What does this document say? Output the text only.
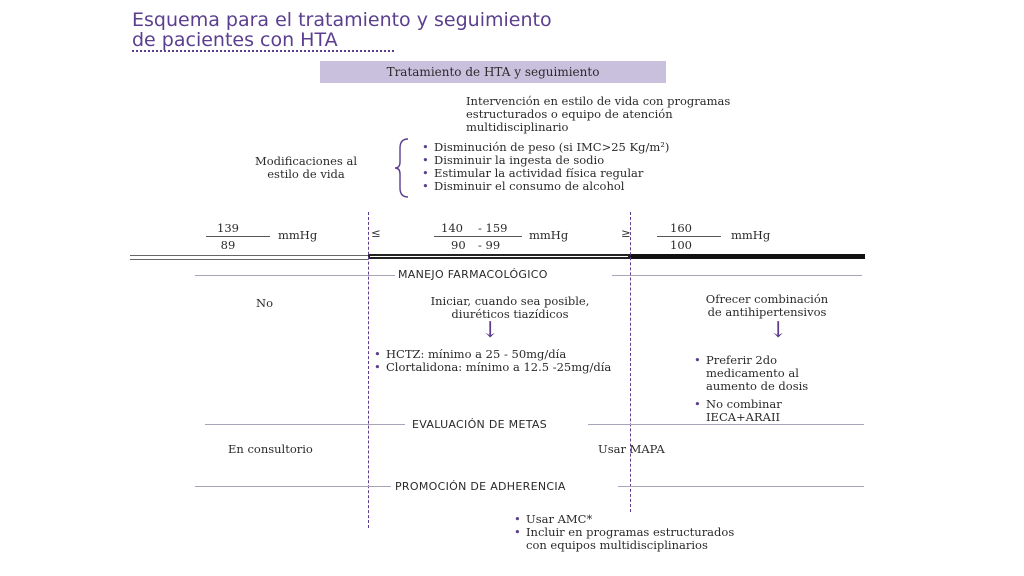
Esquema para el tratamiento y seguimiento
de pacientes con HTA
Tratamiento de HTA y seguimiento
Intervención en estilo de vida con programas
estructurados o equipo de atención
multidisciplinario
Modificaciones al
estilo de vida
• Disminución de peso (si IMC>25 Kg/m²)
• Disminuir la ingesta de sodio
• Estimular la actividad física regular
• Disminuir el consumo de alcohol
139
89
mmHg	≤	140 - 159
90 - 99
mmHg	≥	160
100
mmHg
MANEJO FARMACOLÓGICO
No	Iniciar, cuando sea posible,
diuréticos tiazídicos
↓
• HCTZ: mínimo a 25 - 50mg/día
• Clortalidona: mínimo a 12.5 -25mg/día
Ofrecer combinación
de antihipertensivos
↓
• Preferir 2do
medicamento al
aumento de dosis
• No combinar
IECA+ARAII
EVALUACIÓN DE METAS
En consultorio	Usar MAPA
PROMOCIÓN DE ADHERENCIA
• Usar AMC*
• Incluir en programas estructurados
con equipos multidisciplinarios
